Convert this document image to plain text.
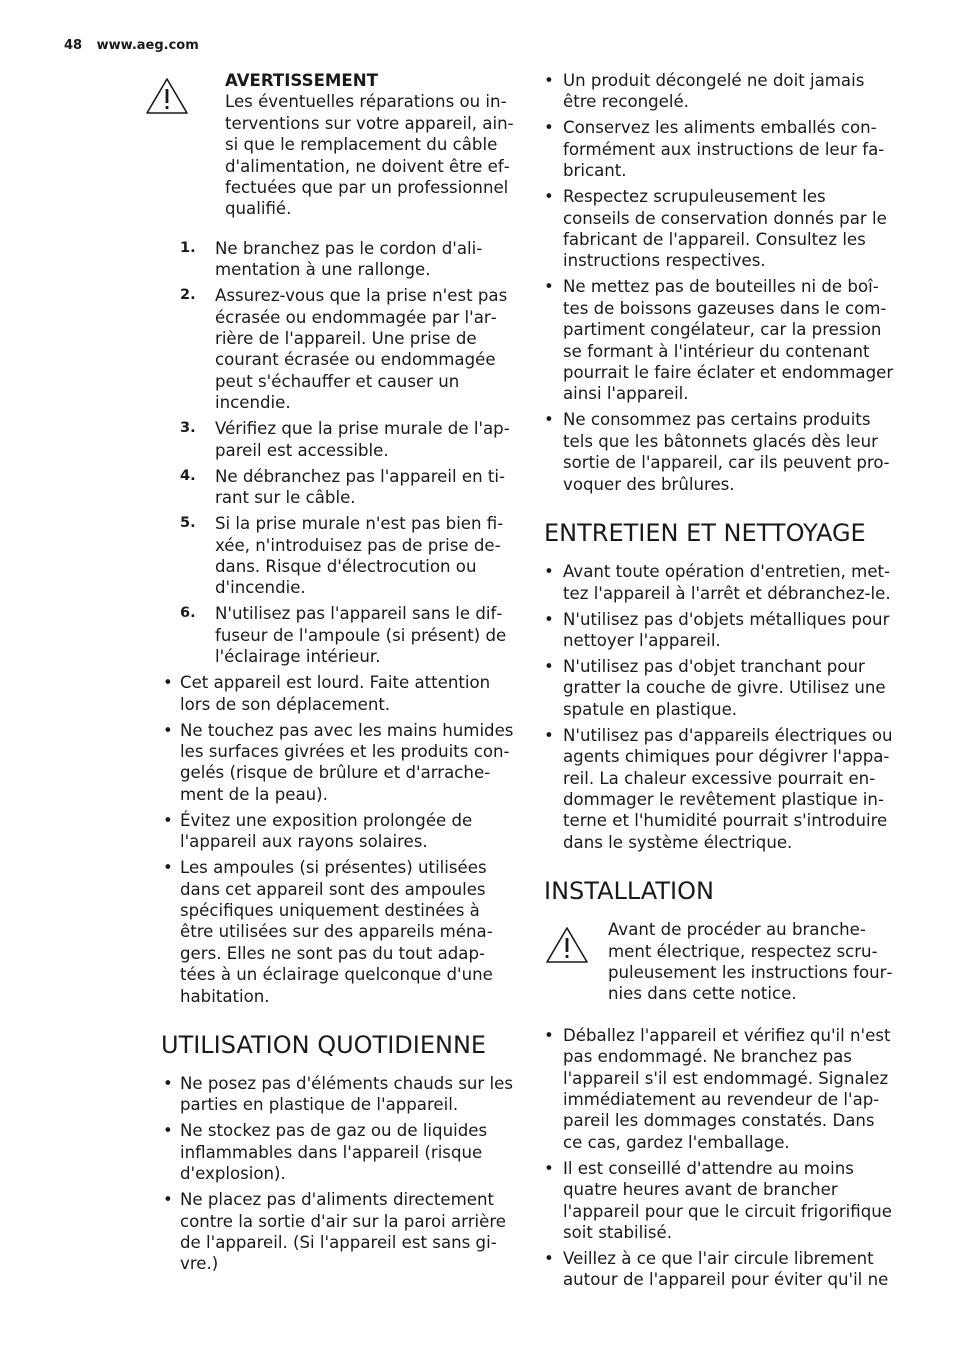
48 www.aeg.com
AVERTISSEMENT
Les éventuelles réparations ou interventions sur votre appareil, ainsi que le remplacement du câble d'alimentation, ne doivent être effectuées que par un professionnel qualifié.
1. Ne branchez pas le cordon d'alimentation à une rallonge.
2. Assurez-vous que la prise n'est pas écrasée ou endommagée par l'arrière de l'appareil. Une prise de courant écrasée ou endommagée peut s'échauffer et causer un incendie.
3. Vérifiez que la prise murale de l'appareil est accessible.
4. Ne débranchez pas l'appareil en tirant sur le câble.
5. Si la prise murale n'est pas bien fixée, n'introduisez pas de prise dedans. Risque d'électrocution ou d'incendie.
6. N'utilisez pas l'appareil sans le diffuseur de l'ampoule (si présent) de l'éclairage intérieur.
• Cet appareil est lourd. Faite attention lors de son déplacement.
• Ne touchez pas avec les mains humides les surfaces givrées et les produits congelés (risque de brûlure et d'arrachement de la peau).
• Évitez une exposition prolongée de l'appareil aux rayons solaires.
• Les ampoules (si présentes) utilisées dans cet appareil sont des ampoules spécifiques uniquement destinées à être utilisées sur des appareils ménagers. Elles ne sont pas du tout adaptées à un éclairage quelconque d'une habitation.
UTILISATION QUOTIDIENNE
• Ne posez pas d'éléments chauds sur les parties en plastique de l'appareil.
• Ne stockez pas de gaz ou de liquides inflammables dans l'appareil (risque d'explosion).
• Ne placez pas d'aliments directement contre la sortie d'air sur la paroi arrière de l'appareil. (Si l'appareil est sans givre.)
• Un produit décongelé ne doit jamais être recongelé.
• Conservez les aliments emballés conformément aux instructions de leur fabricant.
• Respectez scrupuleusement les conseils de conservation donnés par le fabricant de l'appareil. Consultez les instructions respectives.
• Ne mettez pas de bouteilles ni de boîtes de boissons gazeuses dans le compartiment congélateur, car la pression se formant à l'intérieur du contenant pourrait le faire éclater et endommager ainsi l'appareil.
• Ne consommez pas certains produits tels que les bâtonnets glacés dès leur sortie de l'appareil, car ils peuvent provoquer des brûlures.
ENTRETIEN ET NETTOYAGE
• Avant toute opération d'entretien, mettez l'appareil à l'arrêt et débranchez-le.
• N'utilisez pas d'objets métalliques pour nettoyer l'appareil.
• N'utilisez pas d'objet tranchant pour gratter la couche de givre. Utilisez une spatule en plastique.
• N'utilisez pas d'appareils électriques ou agents chimiques pour dégivrer l'appareil. La chaleur excessive pourrait endommager le revêtement plastique interne et l'humidité pourrait s'introduire dans le système électrique.
INSTALLATION
Avant de procéder au branchement électrique, respectez scrupuleusement les instructions fournies dans cette notice.
• Déballez l'appareil et vérifiez qu'il n'est pas endommagé. Ne branchez pas l'appareil s'il est endommagé. Signalez immédiatement au revendeur de l'appareil les dommages constatés. Dans ce cas, gardez l'emballage.
• Il est conseillé d'attendre au moins quatre heures avant de brancher l'appareil pour que le circuit frigorifique soit stabilisé.
• Veillez à ce que l'air circule librement autour de l'appareil pour éviter qu'il ne
